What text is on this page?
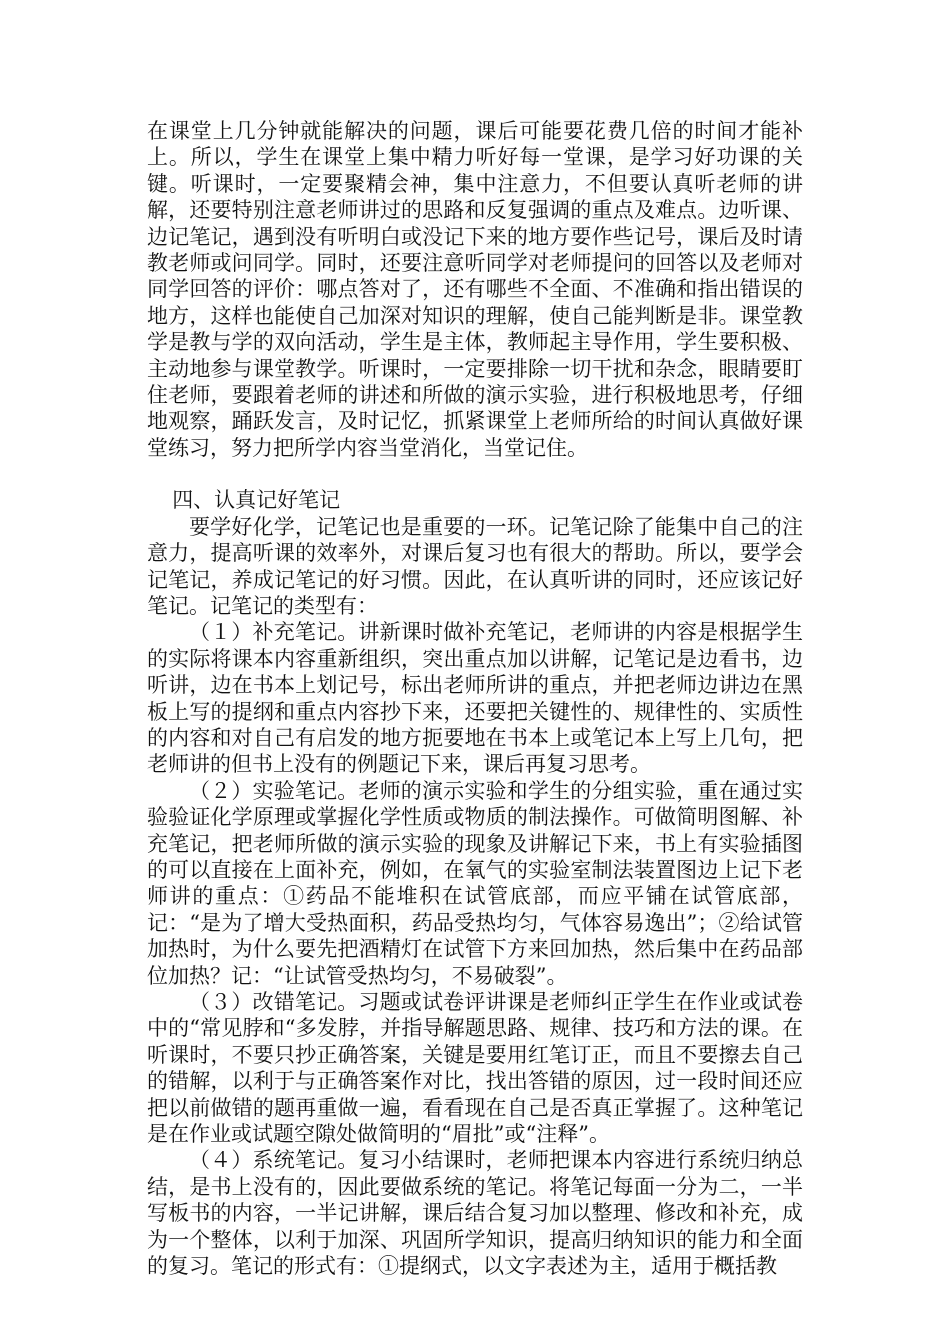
在课堂上几分钟就能解决的问题，课后可能要花费几倍的时间才能补上。所以，学生在课堂上集中精力听好每一堂课，是学习好功课的关键。听课时，一定要聚精会神，集中注意力，不但要认真听老师的讲解，还要特别注意老师讲过的思路和反复强调的重点及难点。边听课、边记笔记，遇到没有听明白或没记下来的地方要作些记号，课后及时请教老师或问同学。同时，还要注意听同学对老师提问的回答以及老师对同学回答的评价：哪点答对了，还有哪些不全面、不准确和指出错误的地方，这样也能使自己加深对知识的理解，使自己能判断是非。课堂教学是教与学的双向活动，学生是主体，教师起主导作用，学生要积极、主动地参与课堂教学。听课时，一定要排除一切干扰和杂念，眼睛要盯住老师，要跟着老师的讲述和所做的演示实验，进行积极地思考，仔细地观察，踊跃发言，及时记忆，抓紧课堂上老师所给的时间认真做好课堂练习，努力把所学内容当堂消化，当堂记住。

四、认真记好笔记

要学好化学，记笔记也是重要的一环。记笔记除了能集中自己的注意力，提高听课的效率外，对课后复习也有很大的帮助。所以，要学会记笔记，养成记笔记的好习惯。因此，在认真听讲的同时，还应该记好笔记。记笔记的类型有：

（１）补充笔记。讲新课时做补充笔记，老师讲的内容是根据学生的实际将课本内容重新组织，突出重点加以讲解，记笔记是边看书，边听讲，边在书本上划记号，标出老师所讲的重点，并把老师边讲边在黑板上写的提纲和重点内容抄下来，还要把关键性的、规律性的、实质性的内容和对自己有启发的地方扼要地在书本上或笔记本上写上几句，把老师讲的但书上没有的例题记下来，课后再复习思考。

（２）实验笔记。老师的演示实验和学生的分组实验，重在通过实验验证化学原理或掌握化学性质或物质的制法操作。可做简明图解、补充笔记，把老师所做的演示实验的现象及讲解记下来，书上有实验插图的可以直接在上面补充，例如，在氧气的实验室制法装置图边上记下老师讲的重点：①药品不能堆积在试管底部，而应平铺在试管底部，记：“是为了增大受热面积，药品受热均匀，气体容易逸出”；②给试管加热时，为什么要先把酒精灯在试管下方来回加热，然后集中在药品部位加热？记：“让试管受热均匀，不易破裂”。

（３）改错笔记。习题或试卷评讲课是老师纠正学生在作业或试卷中的“常见脖和“多发脖，并指导解题思路、规律、技巧和方法的课。在听课时，不要只抄正确答案，关键是要用红笔订正，而且不要擦去自己的错解，以利于与正确答案作对比，找出答错的原因，过一段时间还应把以前做错的题再重做一遍，看看现在自己是否真正掌握了。这种笔记是在作业或试题空隙处做简明的“眉批”或“注释”。

（４）系统笔记。复习小结课时，老师把课本内容进行系统归纳总结，是书上没有的，因此要做系统的笔记。将笔记每面一分为二，一半写板书的内容，一半记讲解，课后结合复习加以整理、修改和补充，成为一个整体，以利于加深、巩固所学知识，提高归纳知识的能力和全面的复习。笔记的形式有：①提纲式，以文字表述为主，适用于概括教
